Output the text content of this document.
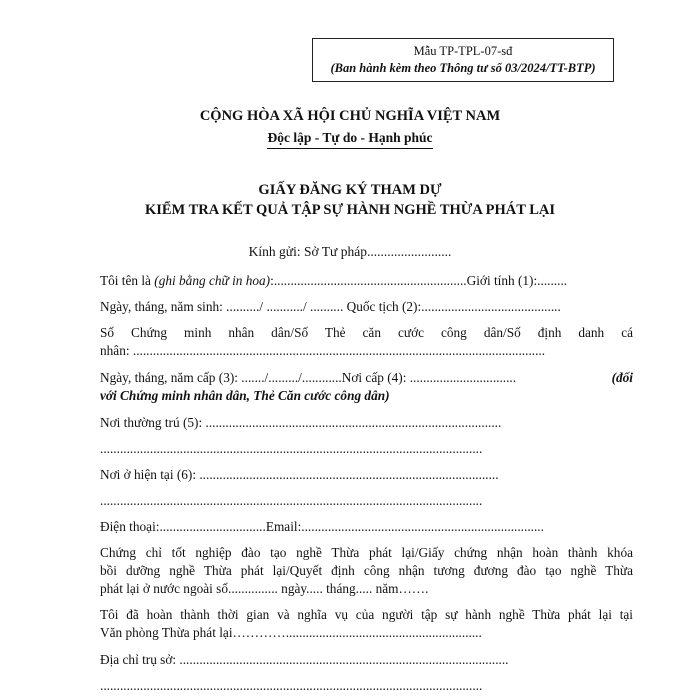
Mẫu TP-TPL-07-sđ
(Ban hành kèm theo Thông tư số 03/2024/TT-BTP)
CỘNG HÒA XÃ HỘI CHỦ NGHĨA VIỆT NAM
Độc lập - Tự do - Hạnh phúc
GIẤY ĐĂNG KÝ THAM DỰ
KIỂM TRA KẾT QUẢ TẬP SỰ HÀNH NGHỀ THỪA PHÁT LẠI
Kính gửi: Sở Tư pháp.........................
Tôi tên là (ghi bằng chữ in hoa):..........................................................Giới tính (1):.........
Ngày, tháng, năm sinh: ........../ .........../ .......... Quốc tịch (2):..........................................
Số Chứng minh nhân dân/Số Thẻ căn cước công dân/Số định danh cá
nhân: ............................................................................................................................
Ngày, tháng, năm cấp (3): ......./........./............Nơi cấp (4): ................................	(đối
với Chứng minh nhân dân, Thẻ Căn cước công dân)
Nơi thường trú (5): .........................................................................................
...................................................................................................................
Nơi ở hiện tại (6): ..........................................................................................
...................................................................................................................
Điện thoại:................................Email:.........................................................................
Chứng chỉ tốt nghiệp đào tạo nghề Thừa phát lại/Giấy chứng nhận hoàn thành khóa
bồi dưỡng nghề Thừa phát lại/Quyết định công nhận tương đương đào tạo nghề Thừa
phát lại ở nước ngoài số............... ngày..... tháng..... năm…….
Tôi đã hoàn thành thời gian và nghĩa vụ của người tập sự hành nghề Thừa phát lại tại
Văn phòng Thừa phát lại…………...........................................................
Địa chỉ trụ sở: ...................................................................................................
...................................................................................................................
